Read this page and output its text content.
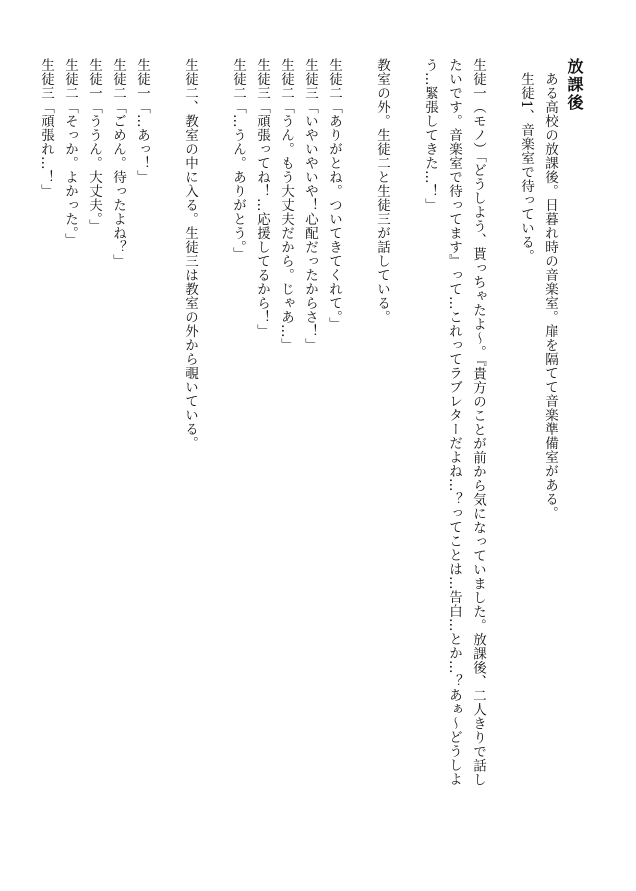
放課後
ある高校の放課後。日暮れ時の音楽室。扉を隔てて音楽準備室がある。
生徒1、音楽室で待っている。
生徒一（モノ）「どうしよう、貰っちゃたよ〜。『貴方のことが前から気になっていました。放課後、二人きりで話したいです。音楽室で待ってます』って…これってラブレターだよね…？ってことは…告白…とか…？あぁ〜どうしよう…緊張してきた…！」
教室の外。生徒二と生徒三が話している。
生徒二「ありがとね。ついてきてくれて。」
生徒三「いやいやいや！心配だったからさ！」
生徒二「うん。もう大丈夫だから。じゃあ…」
生徒三「頑張ってね！…応援してるから！」
生徒二「…うん。ありがとう。」
生徒二、教室の中に入る。生徒三は教室の外から覗いている。
生徒一「…あっ！」
生徒二「ごめん。待ったよね？」
生徒一「ううん。大丈夫。」
生徒二「そっか。よかった。」
生徒三「頑張れ…！」
